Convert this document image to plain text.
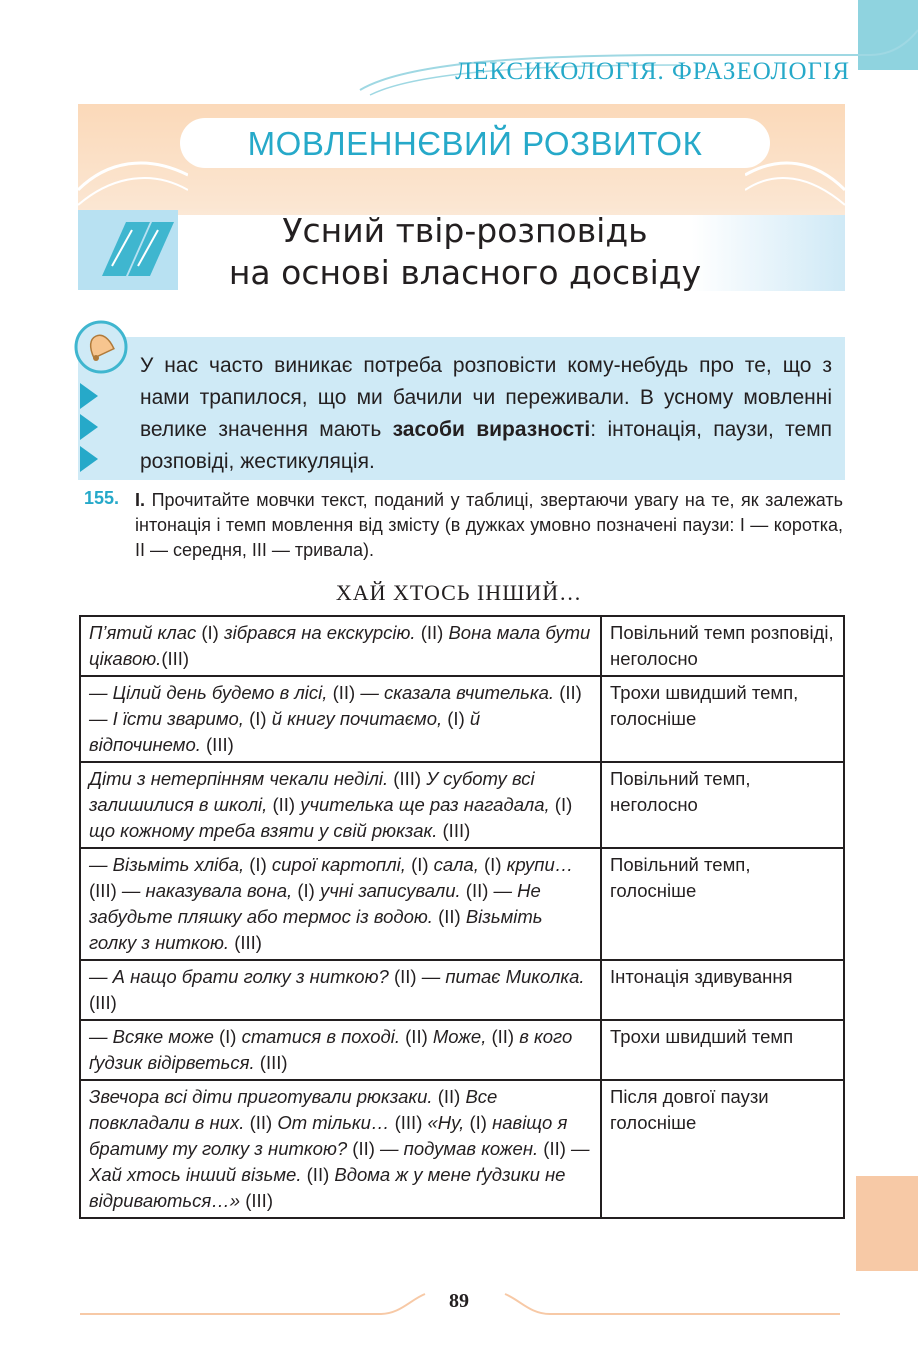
ЛЕКСИКОЛОГІЯ. ФРАЗЕОЛОГІЯ
МОВЛЕННЄВИЙ РОЗВИТОК
Усний твір-розповідь
на основі власного досвіду
У нас часто виникає потреба розповісти кому-небудь про те, що з нами трапилося, що ми бачили чи переживали. В усному мовленні велике значення мають засоби виразності: інтонація, паузи, темп розповіді, жестикуляція.
155. І. Прочитайте мовчки текст, поданий у таблиці, звертаючи увагу на те, як залежать інтонація і темп мовлення від змісту (в дужках умовно позначені паузи: І — коротка, ІІ — середня, ІІІ — тривала).
ХАЙ ХТОСЬ ІНШИЙ…
П’ятий клас (І) зібрався на екскурсію. (ІІ) Вона мала бути цікавою.(ІІІ)	Повільний темп розповіді, неголосно
— Цілий день будемо в лісі, (ІІ) — сказала вчителька. (ІІ) — І їсти зваримо, (І) й книгу почитаємо, (І) й відпочинемо. (ІІІ)	Трохи швидший темп, голосніше
Діти з нетерпінням чекали неділі. (ІІІ) У суботу всі залишилися в школі, (ІІ) учителька ще раз нагадала, (І) що кожному треба взяти у свій рюкзак. (ІІІ)	Повільний темп, неголосно
— Візьміть хліба, (І) сирої картоплі, (І) сала, (І) крупи… (ІІІ) — наказувала вона, (І) учні записували. (ІІ) — Не забудьте пляшку або термос із водою. (ІІ) Візьміть голку з ниткою. (ІІІ)	Повільний темп, голосніше
— А нащо брати голку з ниткою? (ІІ) — питає Миколка. (ІІІ)	Інтонація здивування
— Всяке може (І) статися в поході. (ІІ) Може, (ІІ) в кого ґудзик відірветься. (ІІІ)	Трохи швидший темп
Звечора всі діти приготували рюкзаки. (ІІ) Все повкладали в них. (ІІ) От тільки… (ІІІ) «Ну, (І) навіщо я братиму ту голку з ниткою? (ІІ) — подумав кожен. (ІІ) — Хай хтось інший візьме. (ІІ) Вдома ж у мене ґудзики не відриваються…» (ІІІ)	Після довгої паузи голосніше
89
